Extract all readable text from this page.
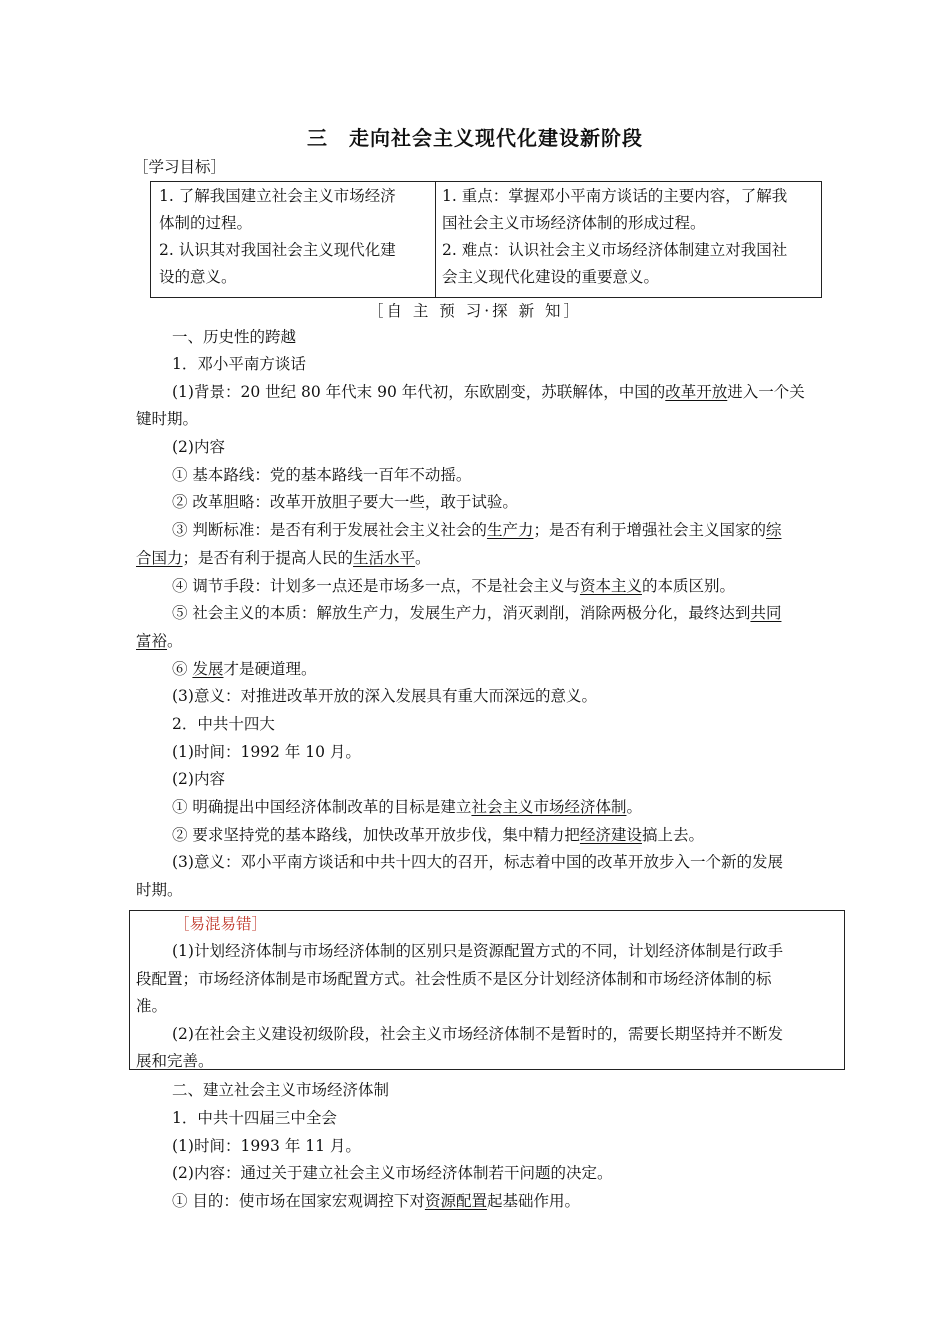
三　走向社会主义现代化建设新阶段
［学习目标］
1. 了解我国建立社会主义市场经济
体制的过程。
2. 认识其对我国社会主义现代化建
设的意义。
1. 重点：掌握邓小平南方谈话的主要内容，了解我
国社会主义市场经济体制的形成过程。
2. 难点：认识社会主义市场经济体制建立对我国社
会主义现代化建设的重要意义。
［自 主 预 习·探 新 知］
一、历史性的跨越
1．邓小平南方谈话
(1)背景：20 世纪 80 年代末 90 年代初，东欧剧变，苏联解体，中国的改革开放进入一个关
键时期。
(2)内容
① 基本路线：党的基本路线一百年不动摇。
② 改革胆略：改革开放胆子要大一些，敢于试验。
③ 判断标准：是否有利于发展社会主义社会的生产力；是否有利于增强社会主义国家的综
合国力；是否有利于提高人民的生活水平。
④ 调节手段：计划多一点还是市场多一点，不是社会主义与资本主义的本质区别。
⑤ 社会主义的本质：解放生产力，发展生产力，消灭剥削，消除两极分化，最终达到共同
富裕。
⑥ 发展才是硬道理。
(3)意义：对推进改革开放的深入发展具有重大而深远的意义。
2．中共十四大
(1)时间：1992 年 10 月。
(2)内容
① 明确提出中国经济体制改革的目标是建立社会主义市场经济体制。
② 要求坚持党的基本路线，加快改革开放步伐，集中精力把经济建设搞上去。
(3)意义：邓小平南方谈话和中共十四大的召开，标志着中国的改革开放步入一个新的发展
时期。
［易混易错］
(1)计划经济体制与市场经济体制的区别只是资源配置方式的不同，计划经济体制是行政手
段配置；市场经济体制是市场配置方式。社会性质不是区分计划经济体制和市场经济体制的标
准。
(2)在社会主义建设初级阶段，社会主义市场经济体制不是暂时的，需要长期坚持并不断发
展和完善。
二、建立社会主义市场经济体制
1．中共十四届三中全会
(1)时间：1993 年 11 月。
(2)内容：通过关于建立社会主义市场经济体制若干问题的决定。
① 目的：使市场在国家宏观调控下对资源配置起基础作用。
